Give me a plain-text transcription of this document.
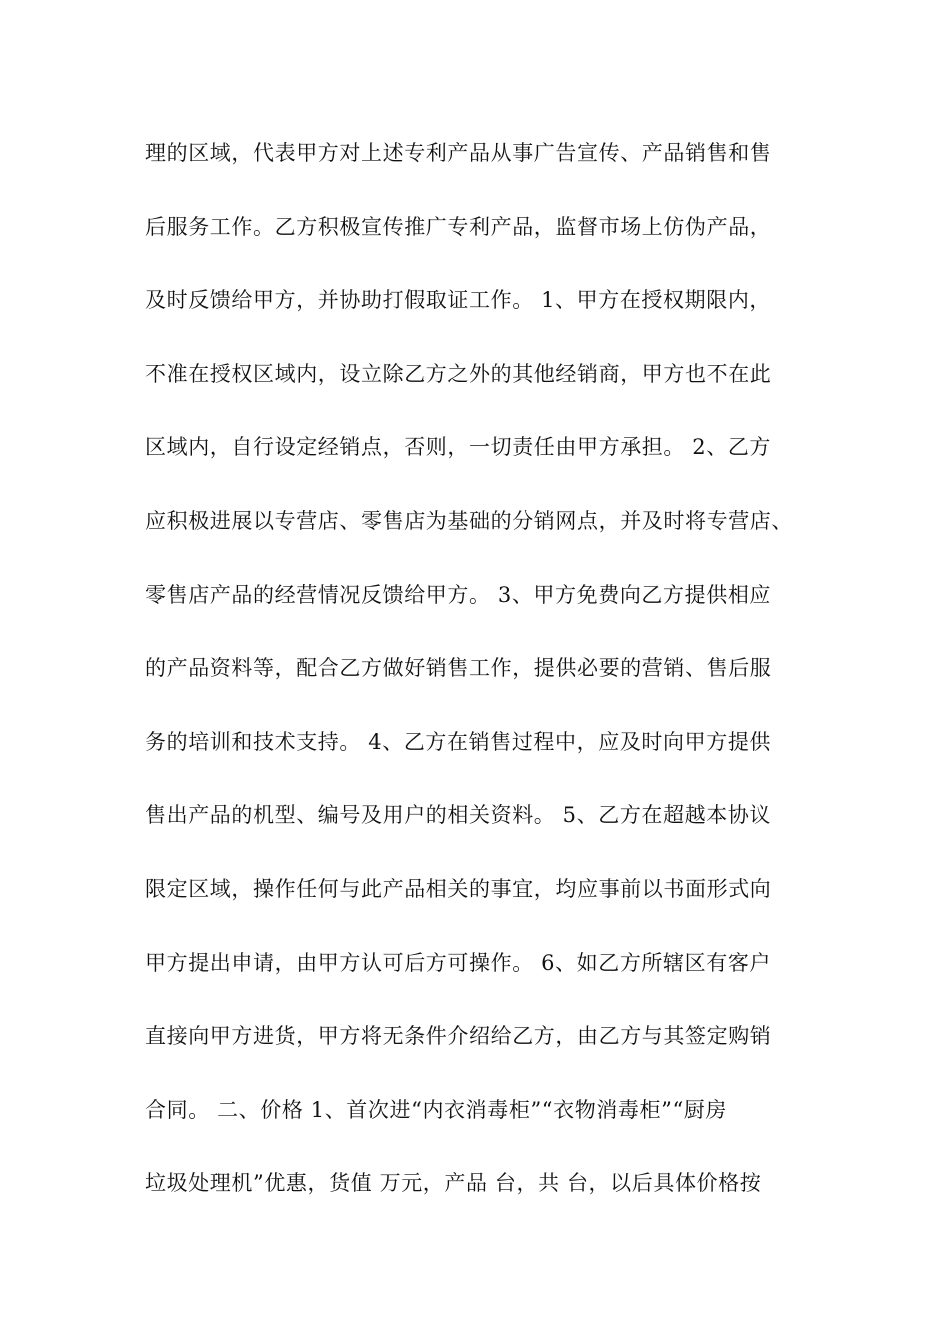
理的区域，代表甲方对上述专利产品从事广告宣传、产品销售和售
后服务工作。乙方积极宣传推广专利产品，监督市场上仿伪产品，
及时反馈给甲方，并协助打假取证工作。 1、甲方在授权期限内，
不准在授权区域内，设立除乙方之外的其他经销商，甲方也不在此
区域内，自行设定经销点，否则，一切责任由甲方承担。 2、乙方
应积极进展以专营店、零售店为基础的分销网点，并及时将专营店、
零售店产品的经营情况反馈给甲方。 3、甲方免费向乙方提供相应
的产品资料等，配合乙方做好销售工作，提供必要的营销、售后服
务的培训和技术支持。 4、乙方在销售过程中，应及时向甲方提供
售出产品的机型、编号及用户的相关资料。 5、乙方在超越本协议
限定区域，操作任何与此产品相关的事宜，均应事前以书面形式向
甲方提出申请，由甲方认可后方可操作。 6、如乙方所辖区有客户
直接向甲方进货，甲方将无条件介绍给乙方，由乙方与其签定购销
合同。 二、价格 1、首次进“内衣消毒柜”“衣物消毒柜”“厨房
垃圾处理机”优惠，货值 万元，产品 台，共 台，以后具体价格按
